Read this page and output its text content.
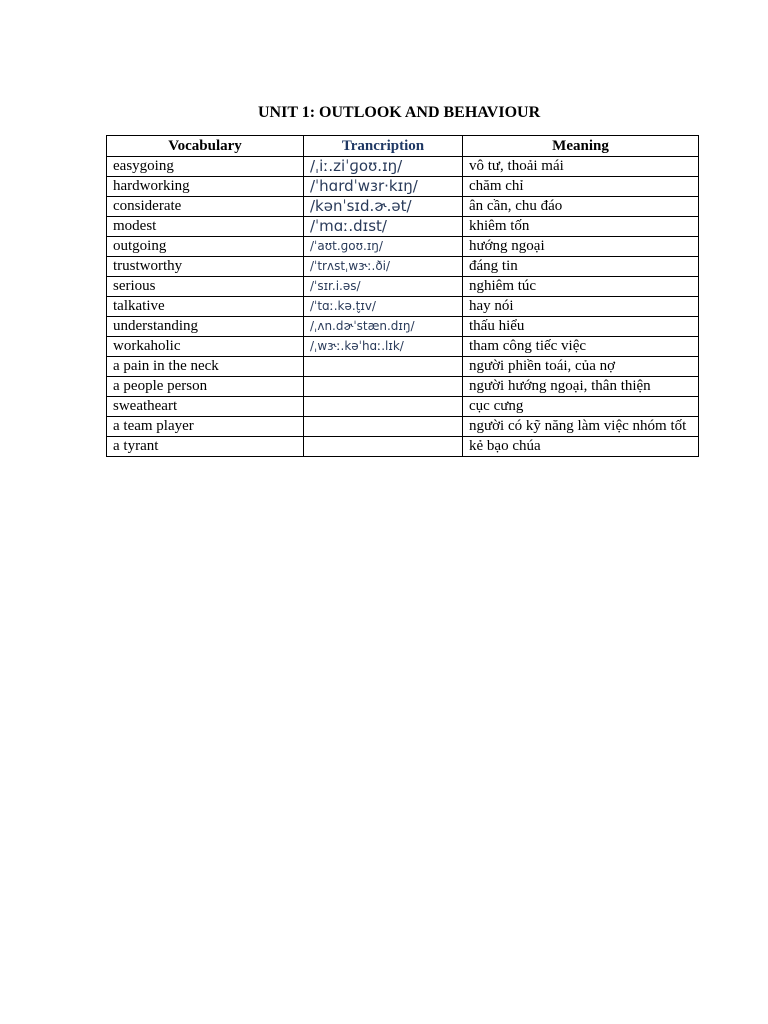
UNIT 1: OUTLOOK AND BEHAVIOUR
Vocabulary	Trancription	Meaning
easygoing	/ˌiː.ziˈɡoʊ.ɪŋ/	vô tư, thoải mái
hardworking	/ˈhɑrdˈwɜr·kɪŋ/	chăm chỉ
considerate	/kənˈsɪd.ɚ.ət/	ân cần, chu đáo
modest	/ˈmɑː.dɪst/	khiêm tốn
outgoing	/ˈaʊt.ɡoʊ.ɪŋ/	hướng ngoại
trustworthy	/ˈtrʌstˌwɝː.ði/	đáng tin
serious	/ˈsɪr.i.əs/	nghiêm túc
talkative	/ˈtɑː.kə.t̬ɪv/	hay nói
understanding	/ˌʌn.dɚˈstæn.dɪŋ/	thấu hiểu
workaholic	/ˌwɝː.kəˈhɑː.lɪk/	tham công tiếc việc
a pain in the neck		người phiền toái, của nợ
a people person		người hướng ngoại, thân thiện
sweatheart		cục cưng
a team player		người có kỹ năng làm việc nhóm tốt
a tyrant		kẻ bạo chúa
